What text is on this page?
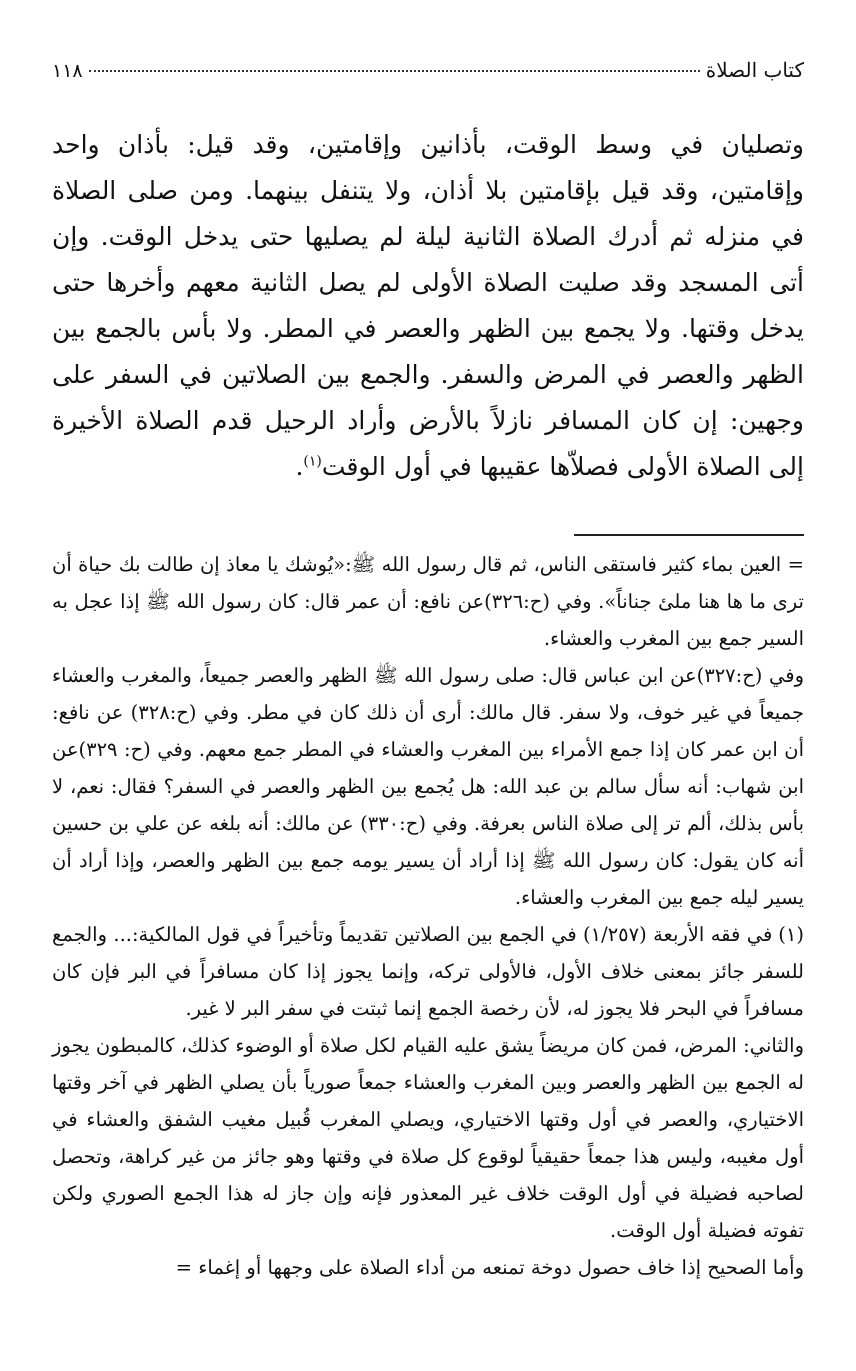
كتاب الصلاة
١١٨

وتصليان في وسط الوقت، بأذانين وإقامتين، وقد قيل: بأذان واحد وإقامتين، وقد قيل بإقامتين بلا أذان، ولا يتنفل بينهما. ومن صلى الصلاة في منزله ثم أدرك الصلاة الثانية ليلة لم يصليها حتى يدخل الوقت. وإن أتى المسجد وقد صليت الصلاة الأولى لم يصل الثانية معهم وأخرها حتى يدخل وقتها. ولا يجمع بين الظهر والعصر في المطر. ولا بأس بالجمع بين الظهر والعصر في المرض والسفر. والجمع بين الصلاتين في السفر على وجهين: إن كان المسافر نازلاً بالأرض وأراد الرحيل قدم الصلاة الأخيرة إلى الصلاة الأولى فصلاّها عقيبها في أول الوقت$^{(١)}$.

= العين بماء كثير فاستقى الناس، ثم قال رسول الله ﷺ:«يُوشك يا معاذ إن طالت بك حياة أن ترى ما ها هنا ملئ جناناً». وفي (ح:٣٢٦)عن نافع: أن عمر قال: كان رسول الله ﷺ إذا عجل به السير جمع بين المغرب والعشاء.

وفي (ح:٣٢٧)عن ابن عباس قال: صلى رسول الله ﷺ الظهر والعصر جميعاً، والمغرب والعشاء جميعاً في غير خوف، ولا سفر. قال مالك: أرى أن ذلك كان في مطر. وفي (ح:٣٢٨) عن نافع: أن ابن عمر كان إذا جمع الأمراء بين المغرب والعشاء في المطر جمع معهم. وفي (ح: ٣٢٩)عن ابن شهاب: أنه سأل سالم بن عبد الله: هل يُجمع بين الظهر والعصر في السفر؟ فقال: نعم، لا بأس بذلك، ألم تر إلى صلاة الناس بعرفة. وفي (ح:٣٣٠) عن مالك: أنه بلغه عن علي بن حسين أنه كان يقول: كان رسول الله ﷺ إذا أراد أن يسير يومه جمع بين الظهر والعصر، وإذا أراد أن يسير ليله جمع بين المغرب والعشاء.

(١)في فقه الأربعة (١/٢٥٧) في الجمع بين الصلاتين تقديماً وتأخيراً في قول المالكية:... والجمع للسفر جائز بمعنى خلاف الأول، فالأولى تركه، وإنما يجوز إذا كان مسافراً في البر فإن كان مسافراً في البحر فلا يجوز له، لأن رخصة الجمع إنما ثبتت في سفر البر لا غير.

والثاني: المرض، فمن كان مريضاً يشق عليه القيام لكل صلاة أو الوضوء كذلك، كالمبطون يجوز له الجمع بين الظهر والعصر وبين المغرب والعشاء جمعاً صورياً بأن يصلي الظهر في آخر وقتها الاختياري، والعصر في أول وقتها الاختياري، ويصلي المغرب قُبيل مغيب الشفق والعشاء في أول مغيبه، وليس هذا جمعاً حقيقياً لوقوع كل صلاة في وقتها وهو جائز من غير كراهة، وتحصل لصاحبه فضيلة في أول الوقت خلاف غير المعذور فإنه وإن جاز له هذا الجمع الصوري ولكن تفوته فضيلة أول الوقت.

وأما الصحيح إذا خاف حصول دوخة تمنعه من أداء الصلاة على وجهها أو إغماء =
